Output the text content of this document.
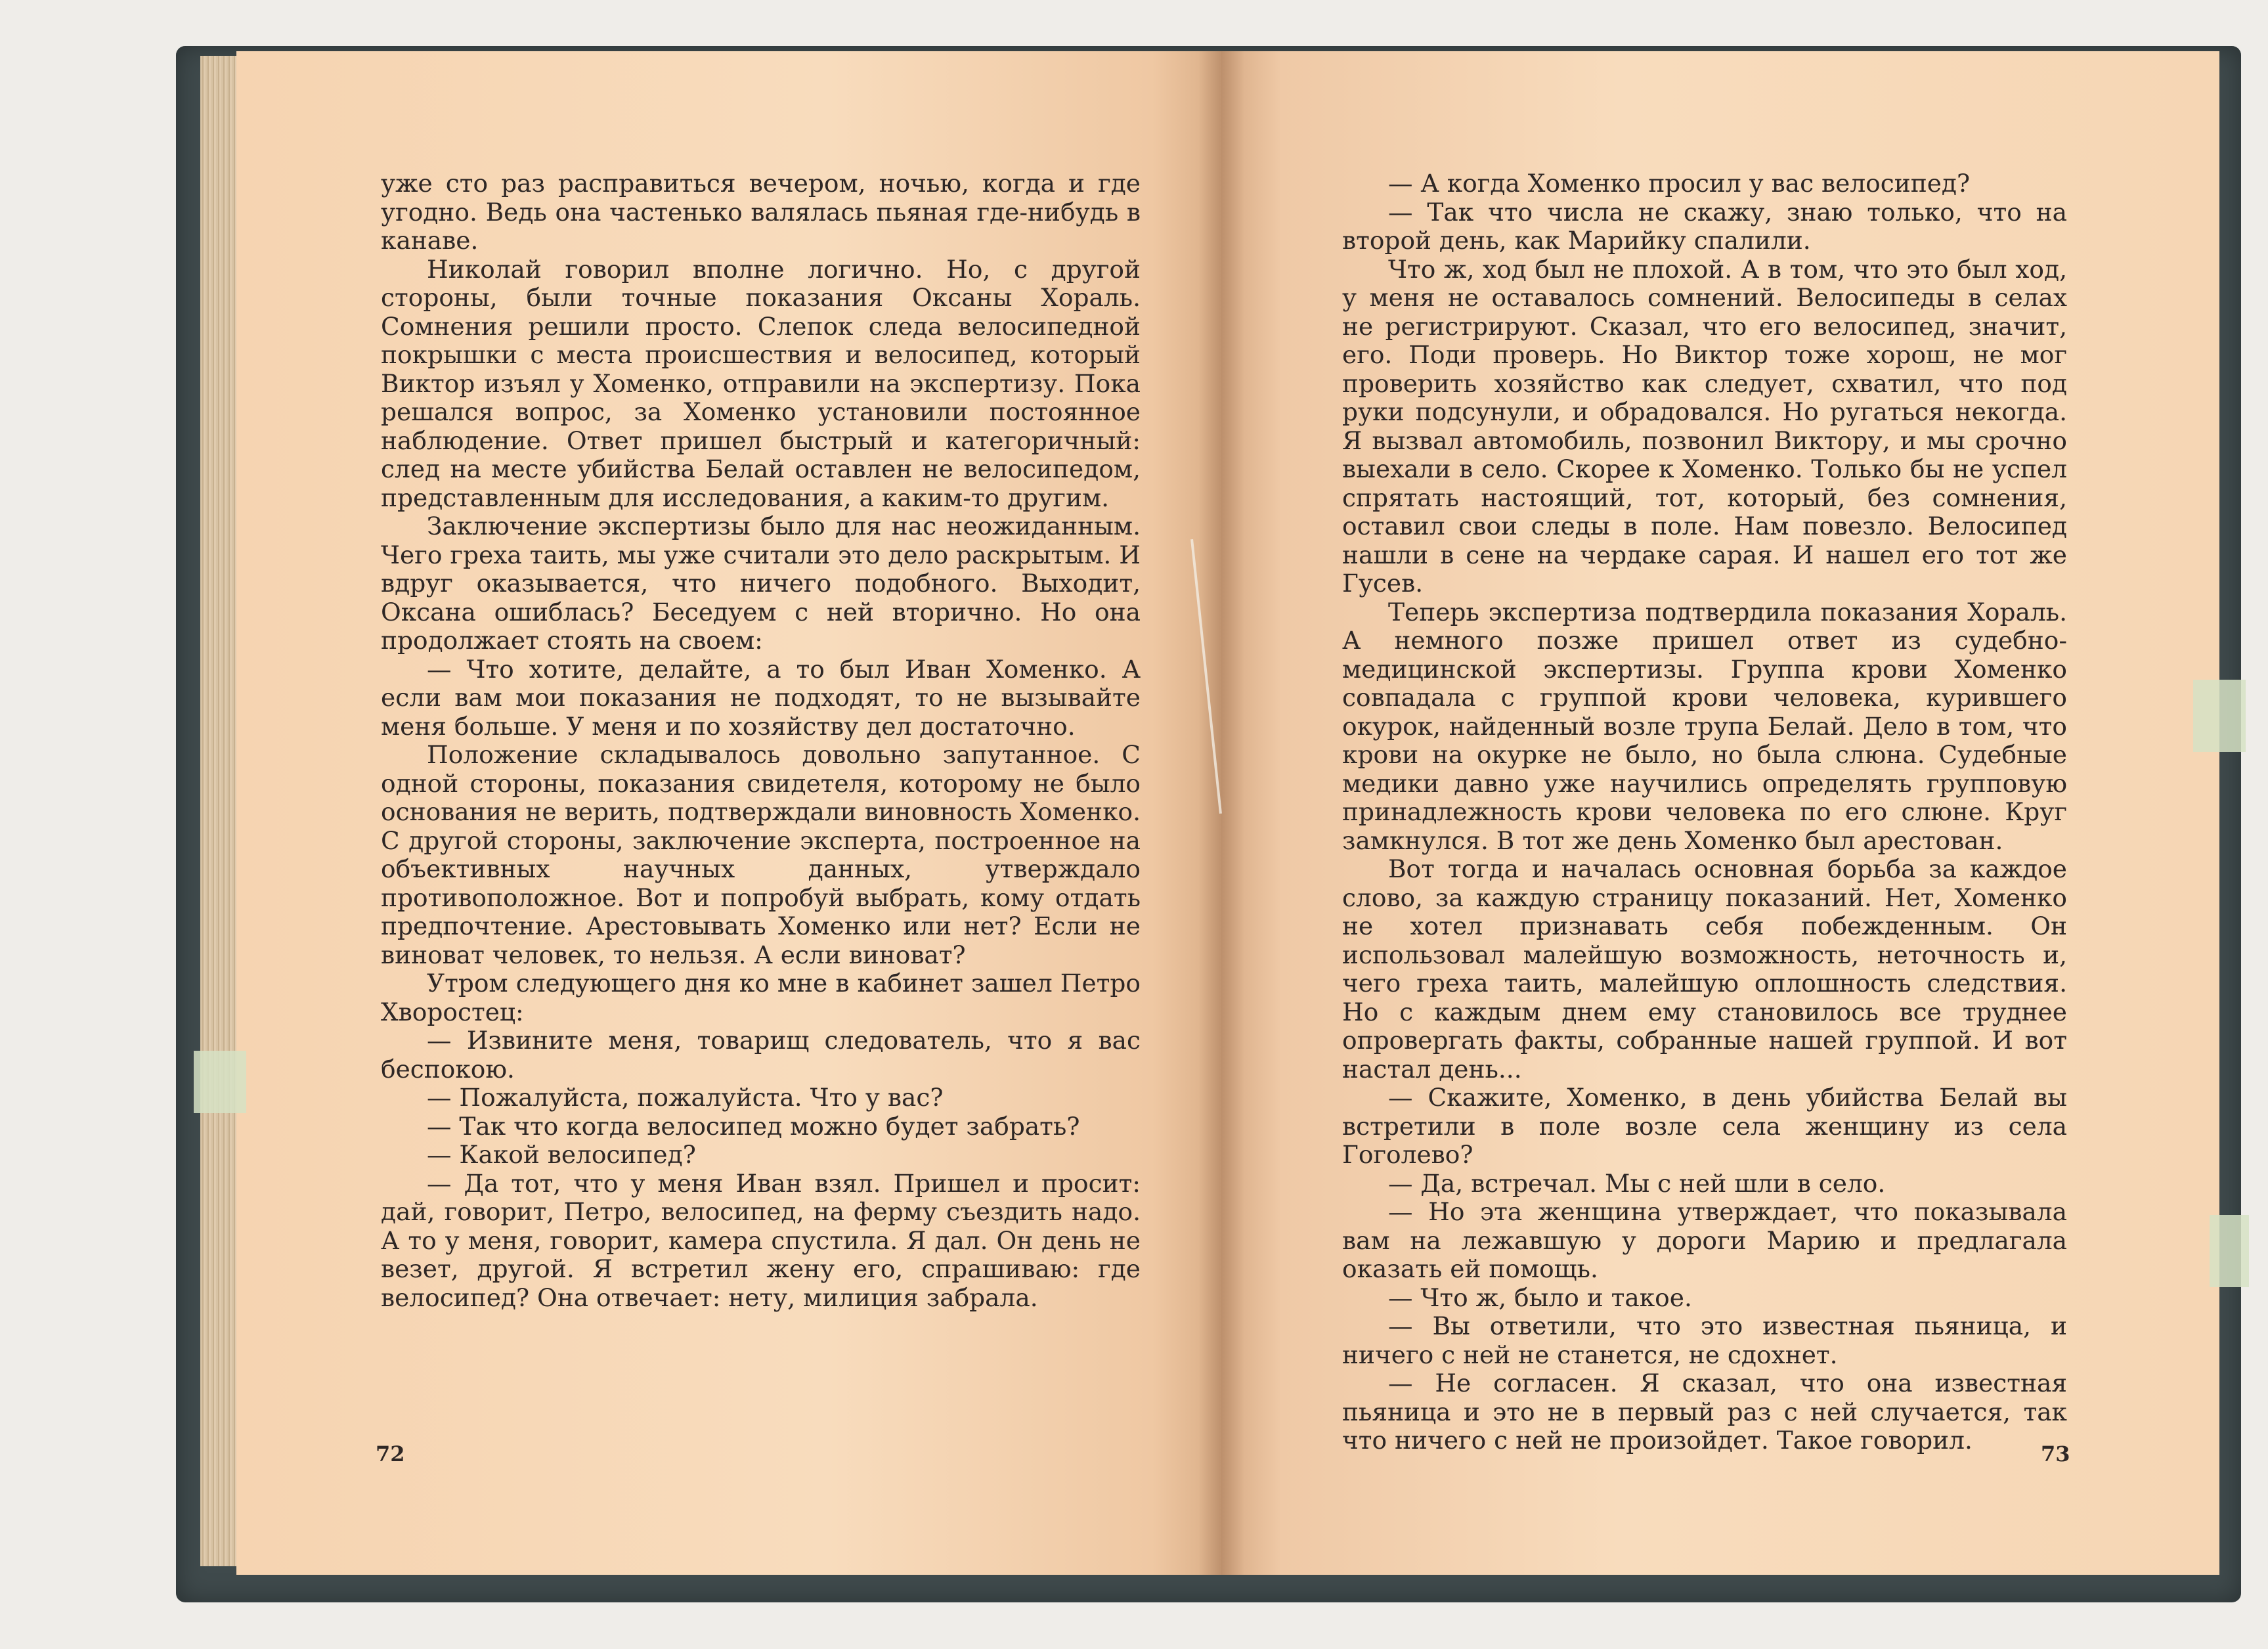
уже сто раз расправиться вечером, ночью, когда и где угодно. Ведь она частенько валялась пьяная где-нибудь в канаве.

Николай говорил вполне логично. Но, с другой стороны, были точные показания Оксаны Хораль. Сомнения решили просто. Слепок следа велосипедной покрышки с места происшествия и велосипед, который Виктор изъял у Хоменко, отправили на экспертизу. Пока решался вопрос, за Хоменко установили постоянное наблюдение. Ответ пришел быстрый и категоричный: след на месте убийства Белай оставлен не велосипедом, представленным для исследования, а каким-то другим.

Заключение экспертизы было для нас неожиданным. Чего греха таить, мы уже считали это дело раскрытым. И вдруг оказывается, что ничего подобного. Выходит, Оксана ошиблась? Беседуем с ней вторично. Но она продолжает стоять на своем:

— Что хотите, делайте, а то был Иван Хоменко. А если вам мои показания не подходят, то не вызывайте меня больше. У меня и по хозяйству дел достаточно.

Положение складывалось довольно запутанное. С одной стороны, показания свидетеля, которому не было основания не верить, подтверждали виновность Хоменко. С другой стороны, заключение эксперта, построенное на объективных научных данных, утверждало противоположное. Вот и попробуй выбрать, кому отдать предпочтение. Арестовывать Хоменко или нет? Если не виноват человек, то нельзя. А если виноват?

Утром следующего дня ко мне в кабинет зашел Петро Хворостец:

— Извините меня, товарищ следователь, что я вас беспокою.

— Пожалуйста, пожалуйста. Что у вас?

— Так что когда велосипед можно будет забрать?

— Какой велосипед?

— Да тот, что у меня Иван взял. Пришел и просит: дай, говорит, Петро, велосипед, на ферму съездить надо. А то у меня, говорит, камера спустила. Я дал. Он день не везет, другой. Я встретил жену его, спрашиваю: где велосипед? Она отвечает: нету, милиция забрала.

— А когда Хоменко просил у вас велосипед?

— Так что числа не скажу, знаю только, что на второй день, как Марийку спалили.

Что ж, ход был не плохой. А в том, что это был ход, у меня не оставалось сомнений. Велосипеды в селах не регистрируют. Сказал, что его велосипед, значит, его. Поди проверь. Но Виктор тоже хорош, не мог проверить хозяйство как следует, схватил, что под руки подсунули, и обрадовался. Но ругаться некогда. Я вызвал автомобиль, позвонил Виктору, и мы срочно выехали в село. Скорее к Хоменко. Только бы не успел спрятать настоящий, тот, который, без сомнения, оставил свои следы в поле. Нам повезло. Велосипед нашли в сене на чердаке сарая. И нашел его тот же Гусев.

Теперь экспертиза подтвердила показания Хораль. А немного позже пришел ответ из судебно-медицинской экспертизы. Группа крови Хоменко совпадала с группой крови человека, курившего окурок, найденный возле трупа Белай. Дело в том, что крови на окурке не было, но была слюна. Судебные медики давно уже научились определять групповую принадлежность крови человека по его слюне. Круг замкнулся. В тот же день Хоменко был арестован.

Вот тогда и началась основная борьба за каждое слово, за каждую страницу показаний. Нет, Хоменко не хотел признавать себя побежденным. Он использовал малейшую возможность, неточность и, чего греха таить, малейшую оплошность следствия. Но с каждым днем ему становилось все труднее опровергать факты, собранные нашей группой. И вот настал день...

— Скажите, Хоменко, в день убийства Белай вы встретили в поле возле села женщину из села Гоголево?

— Да, встречал. Мы с ней шли в село.

— Но эта женщина утверждает, что показывала вам на лежавшую у дороги Марию и предлагала оказать ей помощь.

— Что ж, было и такое.

— Вы ответили, что это известная пьяница, и ничего с ней не станется, не сдохнет.

— Не согласен. Я сказал, что она известная пьяница и это не в первый раз с ней случается, так что ничего с ней не произойдет. Такое говорил.

72	73
